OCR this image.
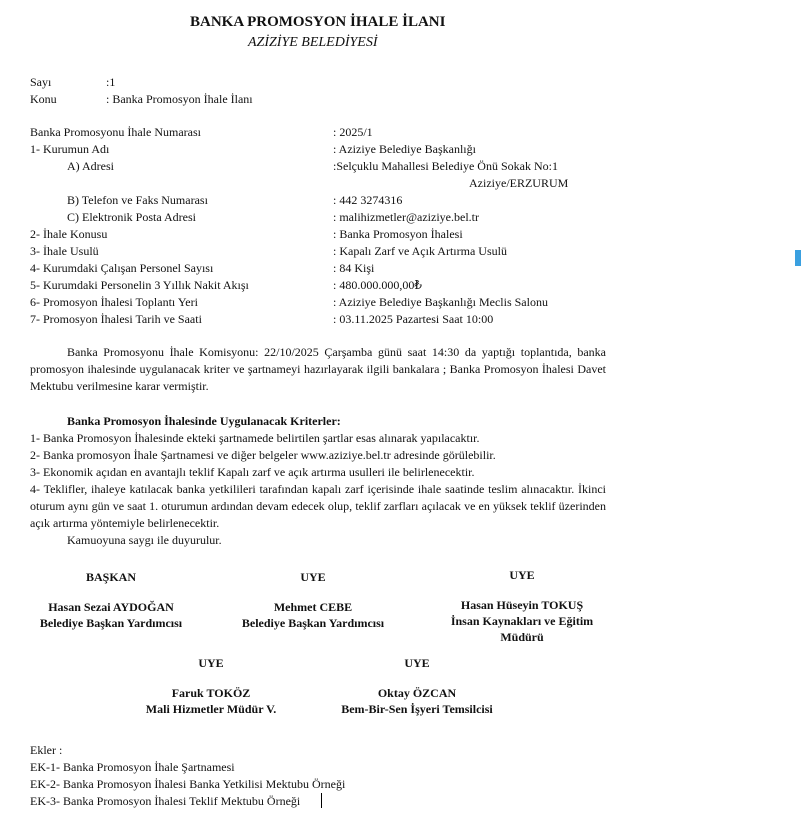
BANKA PROMOSYON İHALE İLANI
AZİZİYE BELEDİYESİ
Sayı	:1
Konu	: Banka Promosyon İhale İlanı
Banka Promosyonu İhale Numarası	: 2025/1
1- Kurumun Adı	: Aziziye Belediye Başkanlığı
A) Adresi	:Selçuklu Mahallesi Belediye Önü Sokak No:1
Aziziye/ERZURUM
B) Telefon ve Faks Numarası	: 442 3274316
C) Elektronik Posta Adresi	: malihizmetler@aziziye.bel.tr
2- İhale Konusu	: Banka Promosyon İhalesi
3- İhale Usulü	: Kapalı Zarf ve Açık Artırma Usulü
4- Kurumdaki Çalışan Personel Sayısı	: 84 Kişi
5- Kurumdaki Personelin 3 Yıllık Nakit Akışı	: 480.000.000,00₺
6- Promosyon İhalesi Toplantı Yeri	: Aziziye Belediye Başkanlığı Meclis Salonu
7- Promosyon İhalesi Tarih ve Saati	: 03.11.2025 Pazartesi Saat 10:00
Banka Promosyonu İhale Komisyonu: 22/10/2025 Çarşamba günü saat 14:30 da yaptığı toplantıda, banka promosyon ihalesinde uygulanacak kriter ve şartnameyi hazırlayarak ilgili bankalara ; Banka Promosyon İhalesi Davet Mektubu verilmesine karar vermiştir.
Banka Promosyon İhalesinde Uygulanacak Kriterler:
1- Banka Promosyon İhalesinde ekteki şartnamede belirtilen şartlar esas alınarak yapılacaktır.
2- Banka promosyon İhale Şartnamesi ve diğer belgeler www.aziziye.bel.tr adresinde görülebilir.
3- Ekonomik açıdan en avantajlı teklif Kapalı zarf ve açık artırma usulleri ile belirlenecektir.
4- Teklifler, ihaleye katılacak banka yetkilileri tarafından kapalı zarf içerisinde ihale saatinde teslim alınacaktır. İkinci oturum aynı gün ve saat 1. oturumun ardından devam edecek olup, teklif zarfları açılacak ve en yüksek teklif üzerinden açık artırma yöntemiyle belirlenecektir.
Kamuoyuna saygı ile duyurulur.
BAŞKAN
Hasan Sezai AYDOĞAN
Belediye Başkan Yardımcısı
UYE
Mehmet CEBE
Belediye Başkan Yardımcısı
UYE
Hasan Hüseyin TOKUŞ
İnsan Kaynakları ve Eğitim Müdürü
UYE
Faruk TOKÖZ
Mali Hizmetler Müdür V.
UYE
Oktay ÖZCAN
Bem-Bir-Sen İşyeri Temsilcisi
Ekler :
EK-1- Banka Promosyon İhale Şartnamesi
EK-2- Banka Promosyon İhalesi Banka Yetkilisi Mektubu Örneği
EK-3- Banka Promosyon İhalesi Teklif Mektubu Örneği
